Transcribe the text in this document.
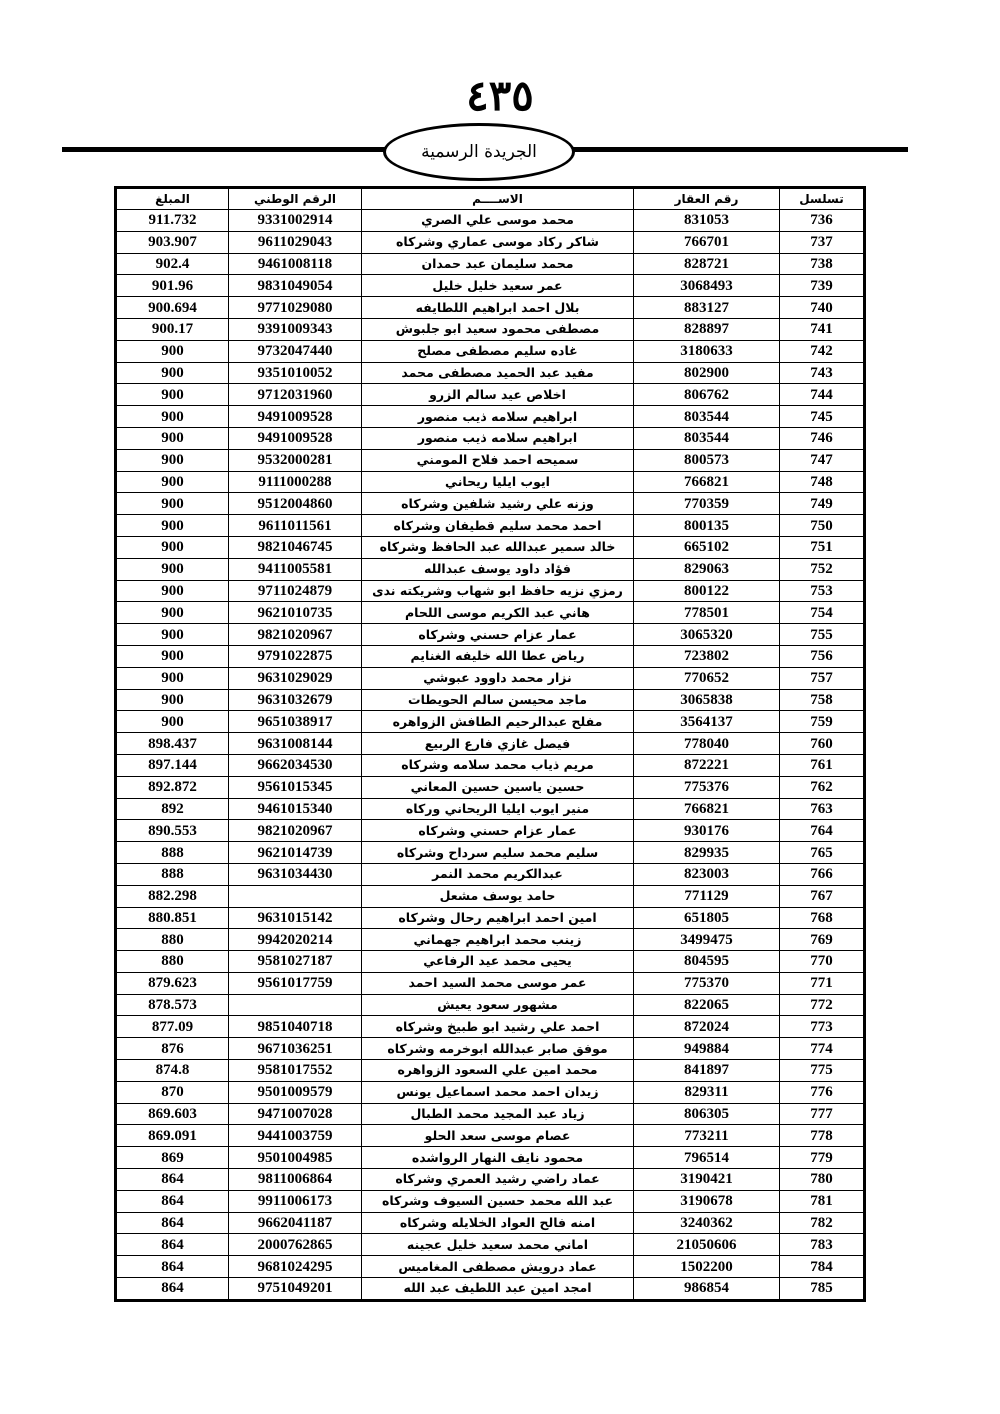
٤٣٥
الجريدة الرسمية
تسلسل	رقم العقار	الاســــم	الرقم الوطني	المبلغ
736	831053	محمد موسى علي الصري	9331002914	911.732
737	766701	شاكر ركاد موسى عماري وشركاه	9611029043	903.907
738	828721	محمد سليمان عبد حمدان	9461008118	902.4
739	3068493	عمر سعيد خليل خليل	9831049054	901.96
740	883127	بلال احمد ابراهيم اللطايفه	9771029080	900.694
741	828897	مصطفى محمود سعيد ابو جلبوش	9391009343	900.17
742	3180633	غاده سليم مصطفى مصلح	9732047440	900
743	802900	مفيد عبد الحميد مصطفى محمد	9351010052	900
744	806762	اخلاص عيد سالم الزرو	9712031960	900
745	803544	ابراهيم سلامه ذيب منصور	9491009528	900
746	803544	ابراهيم سلامه ذيب منصور	9491009528	900
747	800573	سميحه احمد فلاح المومني	9532000281	900
748	766821	ايوب ايليا ريحاني	9111000288	900
749	770359	وزنه علي رشيد شلفين وشركاه	9512004860	900
750	800135	احمد محمد سليم قطيفان وشركاه	9611011561	900
751	665102	خالد سمير عبدالله عبد الحافظ وشركاه	9821046745	900
752	829063	فؤاد داود يوسف عبدالله	9411005581	900
753	800122	رمزي نزيه حافظ ابو شهاب وشريكته ندى	9711024879	900
754	778501	هاني عبد الكريم موسى اللحام	9621010735	900
755	3065320	عمار عزام حسني وشركاه	9821020967	900
756	723802	رياض عطا الله خليفه الغنايم	9791022875	900
757	770652	نزار محمد داوود عبوشي	9631029029	900
758	3065838	ماجد محيسن سالم الحويطات	9631032679	900
759	3564137	مفلح عبدالرحيم الطافش الزواهره	9651038917	900
760	778040	فيصل غازي فارع الربيع	9631008144	898.437
761	872221	مريم ذياب محمد سلامه وشركاه	9662034530	897.144
762	775376	حسين ياسين حسين المعاني	9561015345	892.872
763	766821	منير ايوب ايليا الريحاني وركاه	9461015340	892
764	930176	عمار عزام حسني وشركاه	9821020967	890.553
765	829935	سليم محمد سليم سرداح وشركاه	9621014739	888
766	823003	عبدالكريم محمد النمر	9631034430	888
767	771129	حامد يوسف مشعل		882.298
768	651805	امين احمد ابراهيم رحال وشركاه	9631015142	880.851
769	3499475	زينب محمد ابراهيم جهماني	9942020214	880
770	804595	يحيى محمد عيد الرفاعي	9581027187	880
771	775370	عمر موسى محمد السيد احمد	9561017759	879.623
772	822065	مشهور سعود يعيش		878.573
773	872024	احمد علي رشيد ابو طبيخ وشركاه	9851040718	877.09
774	949884	موفق صابر عبدالله ابوخرمه وشركاه	9671036251	876
775	841897	محمد امين علي السعود الزواهره	9581017552	874.8
776	829311	زيدان احمد محمد اسماعيل يونس	9501009579	870
777	806305	زياد عبد المجيد محمد الطبال	9471007028	869.603
778	773211	عصام موسى سعد الحلو	9441003759	869.091
779	796514	محمود نايف النهار الرواشده	9501004985	869
780	3190421	عماد راضي رشيد العمري وشركاه	9811006864	864
781	3190678	عبد الله محمد حسين السيوف وشركاه	9911006173	864
782	3240362	امنه فالح العواد الخلايله وشركاه	9662041187	864
783	21050606	اماني محمد سعيد خليل عجينه	2000762865	864
784	1502200	عماد درويش مصطفى المغاميس	9681024295	864
785	986854	امجد امين عبد اللطيف عبد الله	9751049201	864
